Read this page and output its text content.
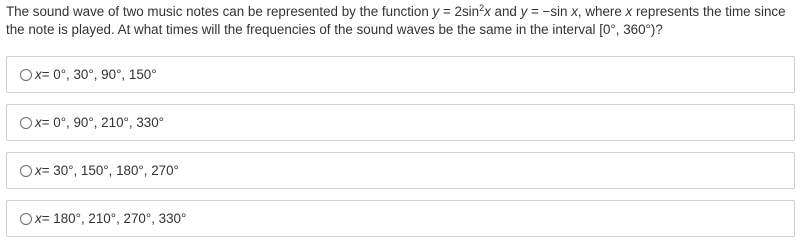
The sound wave of two music notes can be represented by the function $y = 2\sin^2x$ and y = −sin x, where x represents the time since the note is played. At what times will the frequencies of the sound waves be the same in the interval [0°, 360°)?

x = 0°, 30°, 90°, 150°
x = 0°, 90°, 210°, 330°
x = 30°, 150°, 180°, 270°
x = 180°, 210°, 270°, 330°
